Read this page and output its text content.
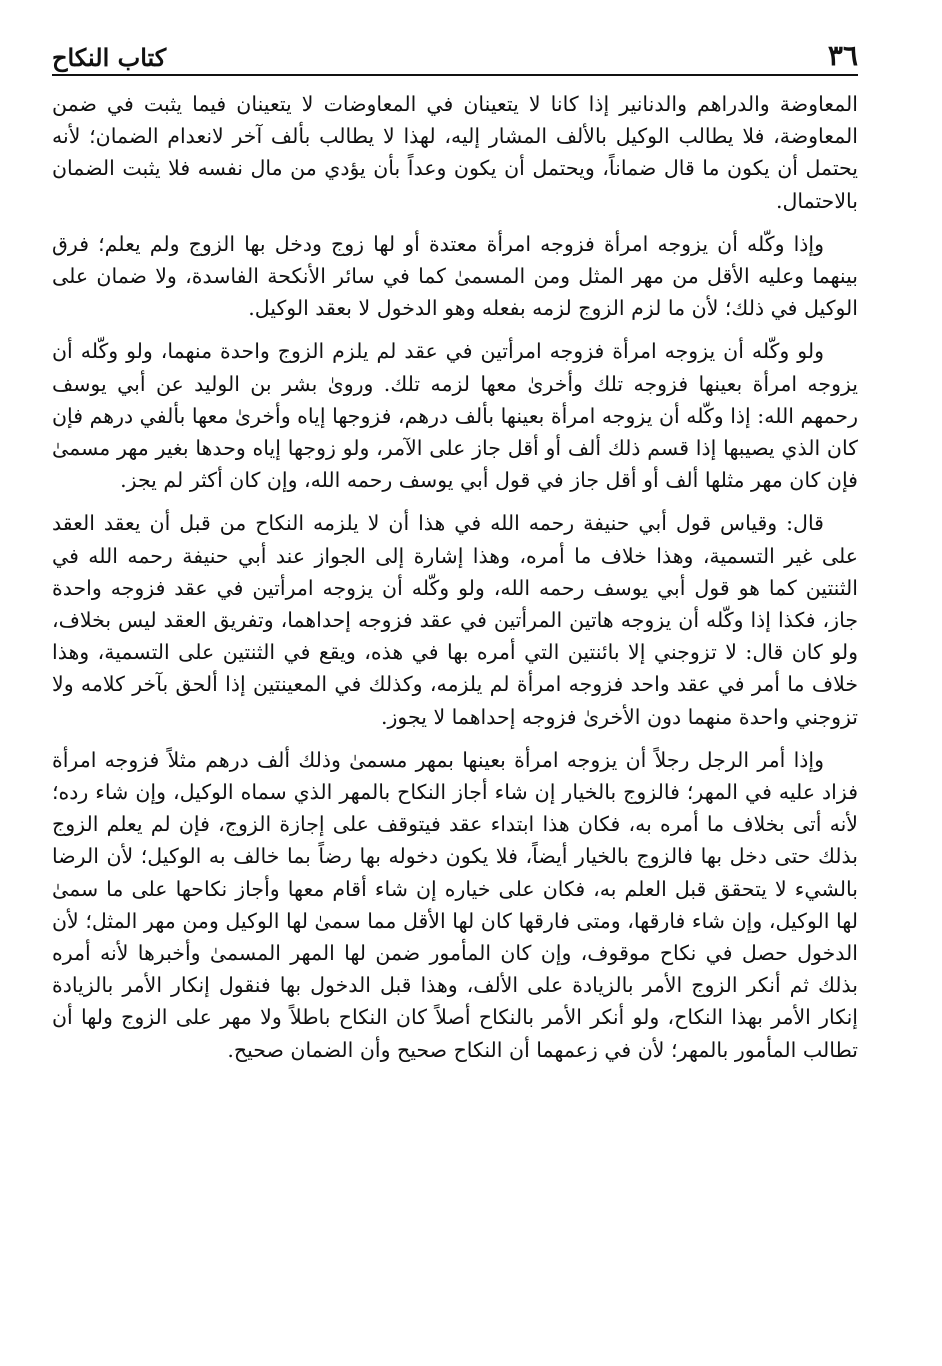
٣٦
كتاب النكاح

المعاوضة والدراهم والدنانير إذا كانا لا يتعينان في المعاوضات لا يتعينان فيما يثبت في ضمن المعاوضة، فلا يطالب الوكيل بالألف المشار إليه، لهذا لا يطالب بألف آخر لانعدام الضمان؛ لأنه يحتمل أن يكون ما قال ضماناً، ويحتمل أن يكون وعداً بأن يؤدي من مال نفسه فلا يثبت الضمان بالاحتمال.

وإذا وكّله أن يزوجه امرأة فزوجه امرأة معتدة أو لها زوج ودخل بها الزوج ولم يعلم؛ فرق بينهما وعليه الأقل من مهر المثل ومن المسمىٰ كما في سائر الأنكحة الفاسدة، ولا ضمان على الوكيل في ذلك؛ لأن ما لزم الزوج لزمه بفعله وهو الدخول لا بعقد الوكيل.

ولو وكّله أن يزوجه امرأة فزوجه امرأتين في عقد لم يلزم الزوج واحدة منهما، ولو وكّله أن يزوجه امرأة بعينها فزوجه تلك وأخرىٰ معها لزمه تلك. وروىٰ بشر بن الوليد عن أبي يوسف رحمهم الله: إذا وكّله أن يزوجه امرأة بعينها بألف درهم، فزوجها إياه وأخرىٰ معها بألفي درهم فإن كان الذي يصيبها إذا قسم ذلك ألف أو أقل جاز على الآمر، ولو زوجها إياه وحدها بغير مهر مسمىٰ فإن كان مهر مثلها ألف أو أقل جاز في قول أبي يوسف رحمه الله، وإن كان أكثر لم يجز.

قال: وقياس قول أبي حنيفة رحمه الله في هذا أن لا يلزمه النكاح من قبل أن يعقد العقد على غير التسمية، وهذا خلاف ما أمره، وهذا إشارة إلى الجواز عند أبي حنيفة رحمه الله في الثنتين كما هو قول أبي يوسف رحمه الله، ولو وكّله أن يزوجه امرأتين في عقد فزوجه واحدة جاز، فكذا إذا وكّله أن يزوجه هاتين المرأتين في عقد فزوجه إحداهما، وتفريق العقد ليس بخلاف، ولو كان قال: لا تزوجني إلا بائنتين التي أمره بها في هذه، ويقع في الثنتين على التسمية، وهذا خلاف ما أمر في عقد واحد فزوجه امرأة لم يلزمه، وكذلك في المعينتين إذا ألحق بآخر كلامه ولا تزوجني واحدة منهما دون الأخرىٰ فزوجه إحداهما لا يجوز.

وإذا أمر الرجل رجلاً أن يزوجه امرأة بعينها بمهر مسمىٰ وذلك ألف درهم مثلاً فزوجه امرأة فزاد عليه في المهر؛ فالزوج بالخيار إن شاء أجاز النكاح بالمهر الذي سماه الوكيل، وإن شاء رده؛ لأنه أتى بخلاف ما أمره به، فكان هذا ابتداء عقد فيتوقف على إجازة الزوج، فإن لم يعلم الزوج بذلك حتى دخل بها فالزوج بالخيار أيضاً، فلا يكون دخوله بها رضاً بما خالف به الوكيل؛ لأن الرضا بالشيء لا يتحقق قبل العلم به، فكان على خياره إن شاء أقام معها وأجاز نكاحها على ما سمىٰ لها الوكيل، وإن شاء فارقها، ومتى فارقها كان لها الأقل مما سمىٰ لها الوكيل ومن مهر المثل؛ لأن الدخول حصل في نكاح موقوف، وإن كان المأمور ضمن لها المهر المسمىٰ وأخبرها لأنه أمره بذلك ثم أنكر الزوج الأمر بالزيادة على الألف، وهذا قبل الدخول بها فنقول إنكار الأمر بالزيادة إنكار الأمر بهذا النكاح، ولو أنكر الأمر بالنكاح أصلاً كان النكاح باطلاً ولا مهر على الزوج ولها أن تطالب المأمور بالمهر؛ لأن في زعمهما أن النكاح صحيح وأن الضمان صحيح.
